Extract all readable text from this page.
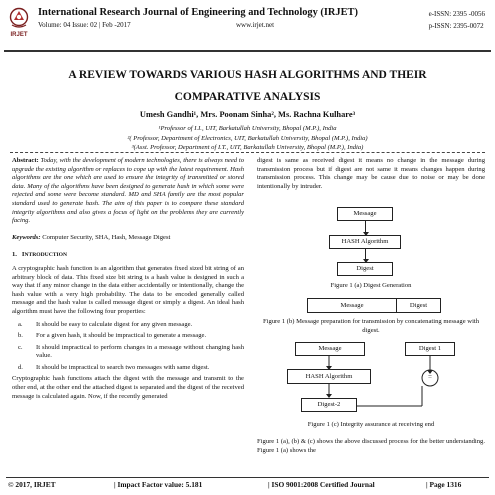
IRJET
International Research Journal of Engineering and Technology (IRJET)
Volume: 04 Issue: 02 | Feb -2017	www.irjet.net
e-ISSN: 2395 -0056
p-ISSN: 2395-0072
A REVIEW TOWARDS VARIOUS HASH ALGORITHMS AND THEIR
COMPARATIVE ANALYSIS
Umesh Gandhi¹, Mrs. Poonam Sinha², Ms. Rachna Kulhare³
¹Professor of I.I., UIT, Barkatullah University, Bhopal (M.P.), India
²( Professor, Department of Electronics, UIT, Barkatullah University, Bhopal (M.P.), India)
³(Asst. Professor, Department of I.T., UIT, Barkatullah University, Bhopal (M.P.), India)
Abstract: Today, with the development of modern technologies, there is always need to upgrade the existing algorithm or replaces to cope up with the latest requirement. Hash algorithms are the one which are used to ensure the integrity of transmitted or stored data. Many of the algorithms have been designed to generate hash in which some were rejected and some were become standard. MD and SHA family are the most popular standard used to generate hash. The aim of this paper is to compare these standard integrity algorithms and also gives a focus of light on the problems they are currently facing.
Keywords: Computer Security, SHA, Hash, Message Digest
1. INTRODUCTION
A cryptographic hash function is an algorithm that generates fixed sized bit string of an arbitrary block of data. This fixed size bit string is a hash value is designed in such a way that if any minor change in the data either accidentally or intentionally, change the hash value with a very high probability. The data to be encoded generally called message and the hash value is called message digest or simply a digest. An ideal hash algorithm must have the following four properties:
a. It should be easy to calculate digest for any given message.
b. For a given hash, it should be impractical to generate a message.
c. It should impractical to perform changes in a message without changing hash value.
d. It should be impractical to search two messages with same digest.
Cryptographic hash functions attach the digest with the message and transmit to the other end, at the other end the attached digest is separated and the digest of the received message is calculated again. Now, if the recently generated
digest is same as received digest it means no change in the message during transmission process but if digest are not same it means changes happen during transmission process. This change may be cause due to noise or may be done intentionally by intruder.
Message
HASH Algorithm
Digest
Figure 1 (a) Digest Generation
Message	Digest
Figure 1 (b) Message preparation for transmission by concatenating message with digest.
Message	Digest 1
HASH Algorithm	=
Digest-2
Figure 1 (c) Integrity assurance at receiving end
Figure 1 (a), (b) & (c) shows the above discussed process for the better understanding. Figure 1 (a) shows the
© 2017, IRJET	| Impact Factor value: 5.181	| ISO 9001:2008 Certified Journal	| Page 1316
